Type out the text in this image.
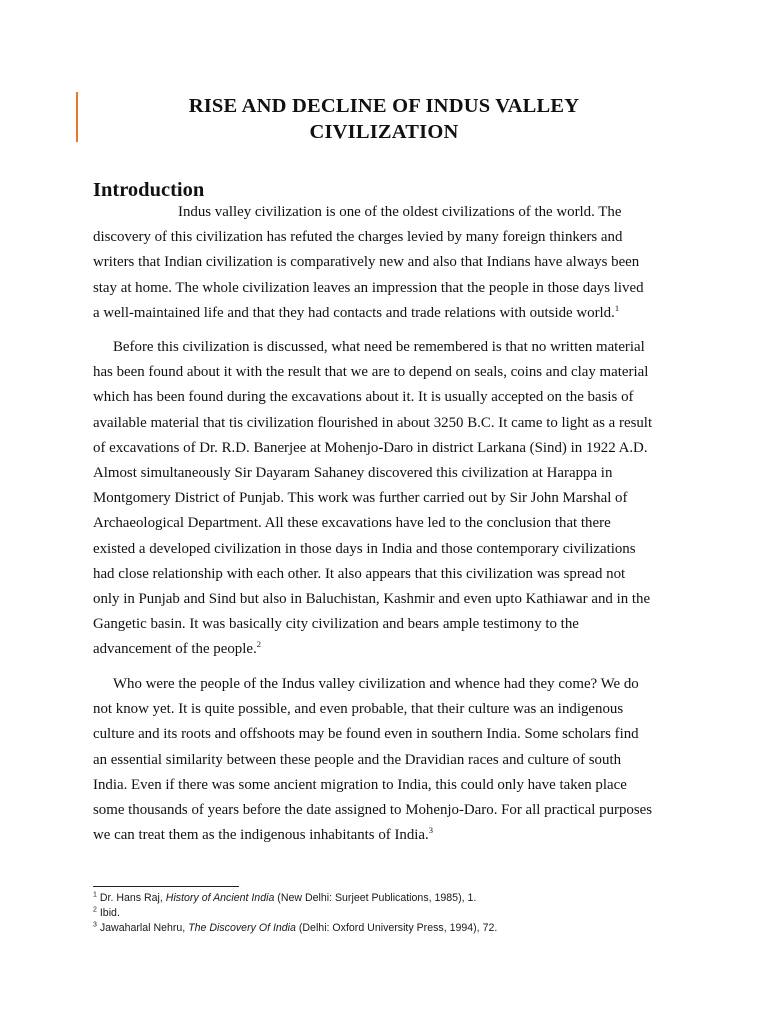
RISE AND DECLINE OF INDUS VALLEY
CIVILIZATION
Introduction
Indus valley civilization is one of the oldest civilizations of the world. The
discovery of this civilization has refuted the charges levied by many foreign thinkers and
writers that Indian civilization is comparatively new and also that Indians have always been
stay at home. The whole civilization leaves an impression that the people in those days lived
a well-maintained life and that they had contacts and trade relations with outside world.$^1$
Before this civilization is discussed, what need be remembered is that no written material
has been found about it with the result that we are to depend on seals, coins and clay material
which has been found during the excavations about it. It is usually accepted on the basis of
available material that tis civilization flourished in about 3250 B.C. It came to light as a result
of excavations of Dr. R.D. Banerjee at Mohenjo-Daro in district Larkana (Sind) in 1922 A.D.
Almost simultaneously Sir Dayaram Sahaney discovered this civilization at Harappa in
Montgomery District of Punjab. This work was further carried out by Sir John Marshal of
Archaeological Department. All these excavations have led to the conclusion that there
existed a developed civilization in those days in India and those contemporary civilizations
had close relationship with each other. It also appears that this civilization was spread not
only in Punjab and Sind but also in Baluchistan, Kashmir and even upto Kathiawar and in the
Gangetic basin. It was basically city civilization and bears ample testimony to the
advancement of the people.$^2$
Who were the people of the Indus valley civilization and whence had they come? We do
not know yet. It is quite possible, and even probable, that their culture was an indigenous
culture and its roots and offshoots may be found even in southern India. Some scholars find
an essential similarity between these people and the Dravidian races and culture of south
India. Even if there was some ancient migration to India, this could only have taken place
some thousands of years before the date assigned to Mohenjo-Daro. For all practical purposes
we can treat them as the indigenous inhabitants of India.$^3$
$^1$ Dr. Hans Raj, History of Ancient India (New Delhi: Surjeet Publications, 1985), 1.
$^2$ Ibid.
$^3$ Jawaharlal Nehru, The Discovery Of India (Delhi: Oxford University Press, 1994), 72.
